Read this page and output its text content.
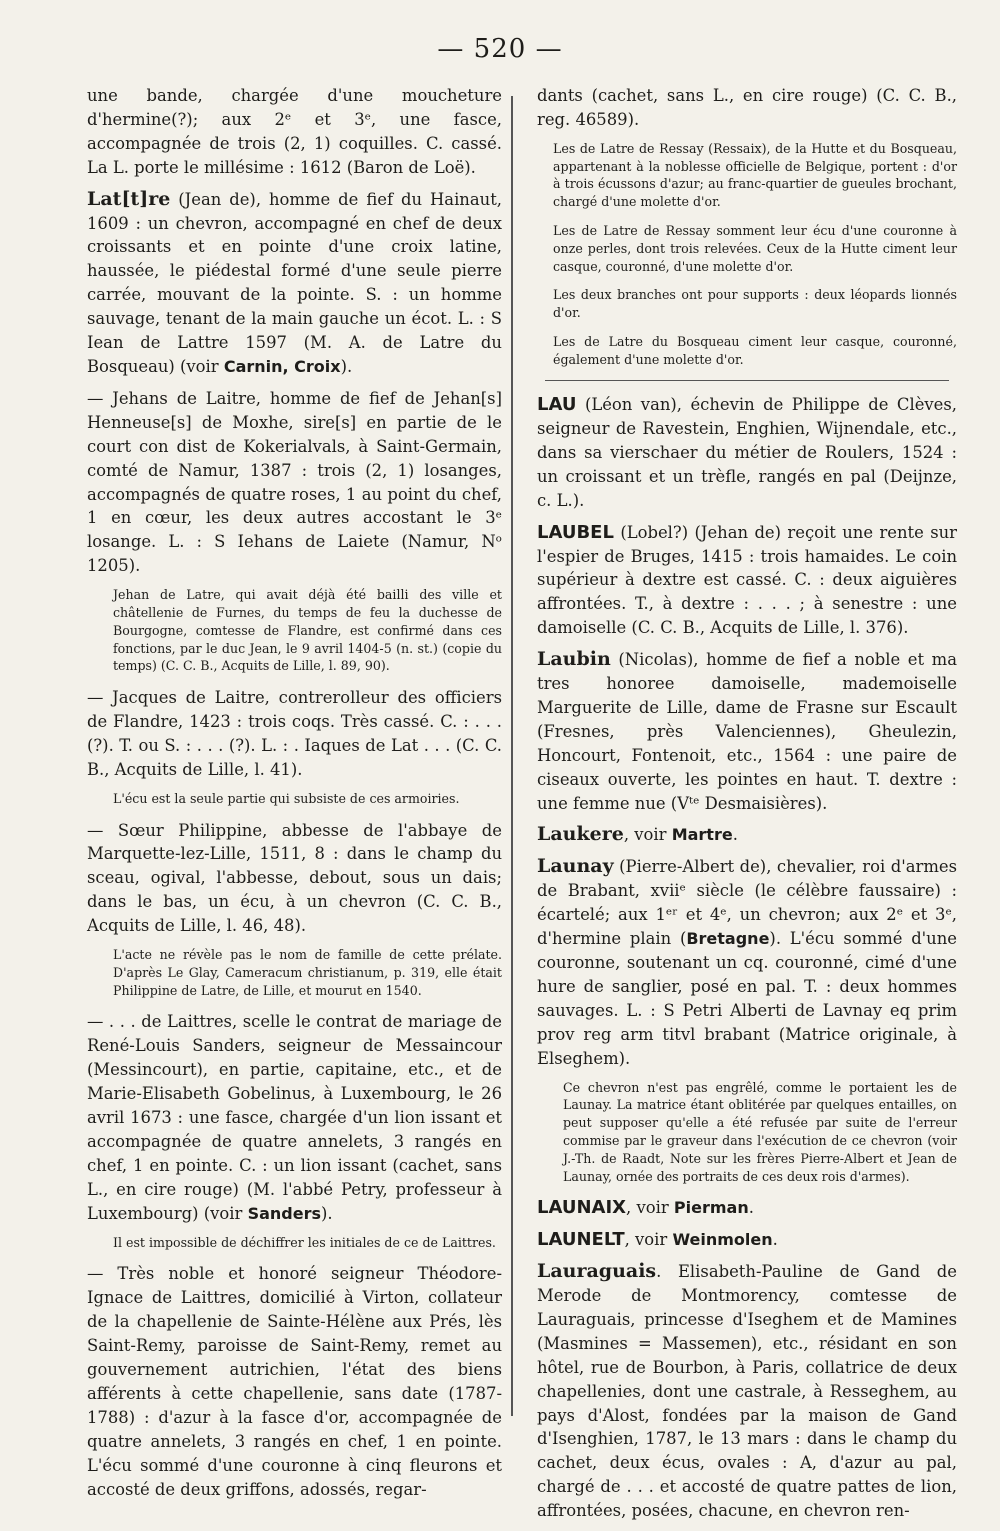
— 520 —

une bande, chargée d'une moucheture d'hermine(?); aux 2ᵉ et 3ᵉ, une fasce, accompagnée de trois (2, 1) coquilles. C. cassé. La L. porte le millésime : 1612 (Baron de Loë).

Lat[t]re (Jean de), homme de fief du Hainaut, 1609 : un chevron, accompagné en chef de deux croissants et en pointe d'une croix latine, haussée, le piédestal formé d'une seule pierre carrée, mouvant de la pointe. S. : un homme sauvage, tenant de la main gauche un écot. L. : S Iean de Lattre 1597 (M. A. de Latre du Bosqueau) (voir Carnin, Croix).

— Jehans de Laitre, homme de fief de Jehan[s] Henneuse[s] de Moxhe, sire[s] en partie de le court con dist de Kokerialvals, à Saint-Germain, comté de Namur, 1387 : trois (2, 1) losanges, accompagnés de quatre roses, 1 au point du chef, 1 en cœur, les deux autres accostant le 3ᵉ losange. L. : S Iehans de Laiete (Namur, Nᵒ 1205).

Jehan de Latre, qui avait déjà été bailli des ville et châtellenie de Furnes, du temps de feu la duchesse de Bourgogne, comtesse de Flandre, est confirmé dans ces fonctions, par le duc Jean, le 9 avril 1404-5 (n. st.) (copie du temps) (C. C. B., Acquits de Lille, l. 89, 90).

— Jacques de Laitre, contrerolleur des officiers de Flandre, 1423 : trois coqs. Très cassé. C. : . . . (?). T. ou S. : . . . (?). L. : . Iaques de Lat . . . (C. C. B., Acquits de Lille, l. 41).

L'écu est la seule partie qui subsiste de ces armoiries.

— Sœur Philippine, abbesse de l'abbaye de Marquette-lez-Lille, 1511, 8 : dans le champ du sceau, ogival, l'abbesse, debout, sous un dais; dans le bas, un écu, à un chevron (C. C. B., Acquits de Lille, l. 46, 48).

L'acte ne révèle pas le nom de famille de cette prélate. D'après Le Glay, Cameracum christianum, p. 319, elle était Philippine de Latre, de Lille, et mourut en 1540.

— . . . de Laittres, scelle le contrat de mariage de René-Louis Sanders, seigneur de Messaincour (Messincourt), en partie, capitaine, etc., et de Marie-Elisabeth Gobelinus, à Luxembourg, le 26 avril 1673 : une fasce, chargée d'un lion issant et accompagnée de quatre annelets, 3 rangés en chef, 1 en pointe. C. : un lion issant (cachet, sans L., en cire rouge) (M. l'abbé Petry, professeur à Luxembourg) (voir Sanders).

Il est impossible de déchiffrer les initiales de ce de Laittres.

— Très noble et honoré seigneur Théodore-Ignace de Laittres, domicilié à Virton, collateur de la chapellenie de Sainte-Hélène aux Prés, lès Saint-Remy, paroisse de Saint-Remy, remet au gouvernement autrichien, l'état des biens afférents à cette chapellenie, sans date (1787-1788) : d'azur à la fasce d'or, accompagnée de quatre annelets, 3 rangés en chef, 1 en pointe. L'écu sommé d'une couronne à cinq fleurons et accosté de deux griffons, adossés, regar-

dants (cachet, sans L., en cire rouge) (C. C. B., reg. 46589).

Les de Latre de Ressay (Ressaix), de la Hutte et du Bosqueau, appartenant à la noblesse officielle de Belgique, portent : d'or à trois écussons d'azur; au franc-quartier de gueules brochant, chargé d'une molette d'or.

Les de Latre de Ressay somment leur écu d'une couronne à onze perles, dont trois relevées. Ceux de la Hutte ciment leur casque, couronné, d'une molette d'or.

Les deux branches ont pour supports : deux léopards lionnés d'or.

Les de Latre du Bosqueau ciment leur casque, couronné, également d'une molette d'or.

LAU (Léon van), échevin de Philippe de Clèves, seigneur de Ravestein, Enghien, Wijnendale, etc., dans sa vierschaer du métier de Roulers, 1524 : un croissant et un trèfle, rangés en pal (Deijnze, c. L.).

LAUBEL (Lobel?) (Jehan de) reçoit une rente sur l'espier de Bruges, 1415 : trois hamaides. Le coin supérieur à dextre est cassé. C. : deux aiguières affrontées. T., à dextre : . . . ; à senestre : une damoiselle (C. C. B., Acquits de Lille, l. 376).

Laubin (Nicolas), homme de fief a noble et ma tres honoree damoiselle, mademoiselle Marguerite de Lille, dame de Frasne sur Escault (Fresnes, près Valenciennes), Gheulezin, Honcourt, Fontenoit, etc., 1564 : une paire de ciseaux ouverte, les pointes en haut. T. dextre : une femme nue (Vᵗᵉ Desmaisières).

Laukere, voir Martre.

Launay (Pierre-Albert de), chevalier, roi d'armes de Brabant, xviiᵉ siècle (le célèbre faussaire) : écartelé; aux 1ᵉʳ et 4ᵉ, un chevron; aux 2ᵉ et 3ᵉ, d'hermine plain (Bretagne). L'écu sommé d'une couronne, soutenant un cq. couronné, cimé d'une hure de sanglier, posé en pal. T. : deux hommes sauvages. L. : S Petri Alberti de Lavnay eq prim prov reg arm titvl brabant (Matrice originale, à Elseghem).

Ce chevron n'est pas engrêlé, comme le portaient les de Launay. La matrice étant oblitérée par quelques entailles, on peut supposer qu'elle a été refusée par suite de l'erreur commise par le graveur dans l'exécution de ce chevron (voir J.-Th. de Raadt, Note sur les frères Pierre-Albert et Jean de Launay, ornée des portraits de ces deux rois d'armes).

LAUNAIX, voir Pierman.

LAUNELT, voir Weinmolen.

Lauraguais. Elisabeth-Pauline de Gand de Merode de Montmorency, comtesse de Lauraguais, princesse d'Iseghem et de Mamines (Masmines = Massemen), etc., résidant en son hôtel, rue de Bourbon, à Paris, collatrice de deux chapellenies, dont une castrale, à Resseghem, au pays d'Alost, fondées par la maison de Gand d'Isenghien, 1787, le 13 mars : dans le champ du cachet, deux écus, ovales : A, d'azur au pal, chargé de . . . et accosté de quatre pattes de lion, affrontées, posées, chacune, en chevron ren-
